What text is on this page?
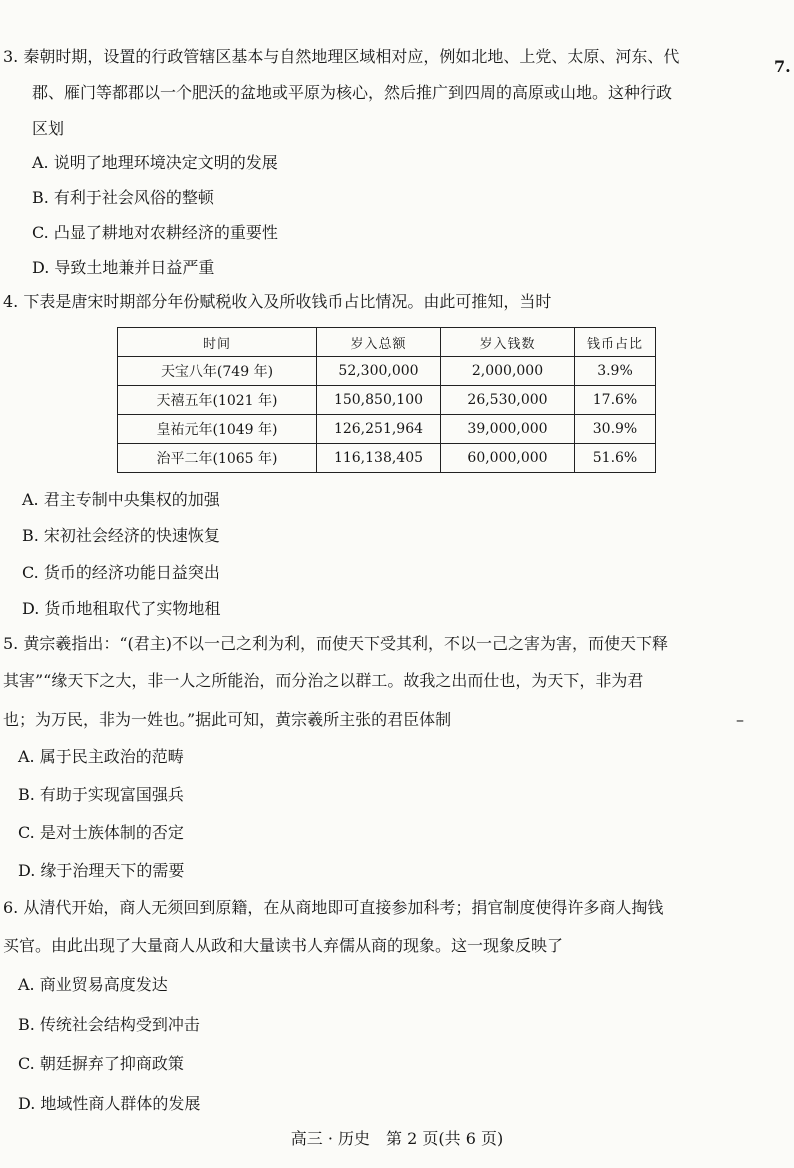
7.
–
3. 秦朝时期，设置的行政管辖区基本与自然地理区域相对应，例如北地、上党、太原、河东、代
郡、雁门等都郡以一个肥沃的盆地或平原为核心，然后推广到四周的高原或山地。这种行政
区划
A. 说明了地理环境决定文明的发展
B. 有利于社会风俗的整顿
C. 凸显了耕地对农耕经济的重要性
D. 导致土地兼并日益严重
4. 下表是唐宋时期部分年份赋税收入及所收钱币占比情况。由此可推知，当时
时间	岁入总额	岁入钱数	钱币占比
天宝八年(749 年)	52,300,000	2,000,000	3.9%
天禧五年(1021 年)	150,850,100	26,530,000	17.6%
皇祐元年(1049 年)	126,251,964	39,000,000	30.9%
治平二年(1065 年)	116,138,405	60,000,000	51.6%
A. 君主专制中央集权的加强
B. 宋初社会经济的快速恢复
C. 货币的经济功能日益突出
D. 货币地租取代了实物地租
5. 黄宗羲指出：“(君主)不以一己之利为利，而使天下受其利，不以一己之害为害，而使天下释
其害”“缘天下之大，非一人之所能治，而分治之以群工。故我之出而仕也，为天下，非为君
也；为万民，非为一姓也。”据此可知，黄宗羲所主张的君臣体制
A. 属于民主政治的范畴
B. 有助于实现富国强兵
C. 是对士族体制的否定
D. 缘于治理天下的需要
6. 从清代开始，商人无须回到原籍，在从商地即可直接参加科考；捐官制度使得许多商人掏钱
买官。由此出现了大量商人从政和大量读书人弃儒从商的现象。这一现象反映了
A. 商业贸易高度发达
B. 传统社会结构受到冲击
C. 朝廷摒弃了抑商政策
D. 地域性商人群体的发展
高三 · 历史　第 2 页(共 6 页)
